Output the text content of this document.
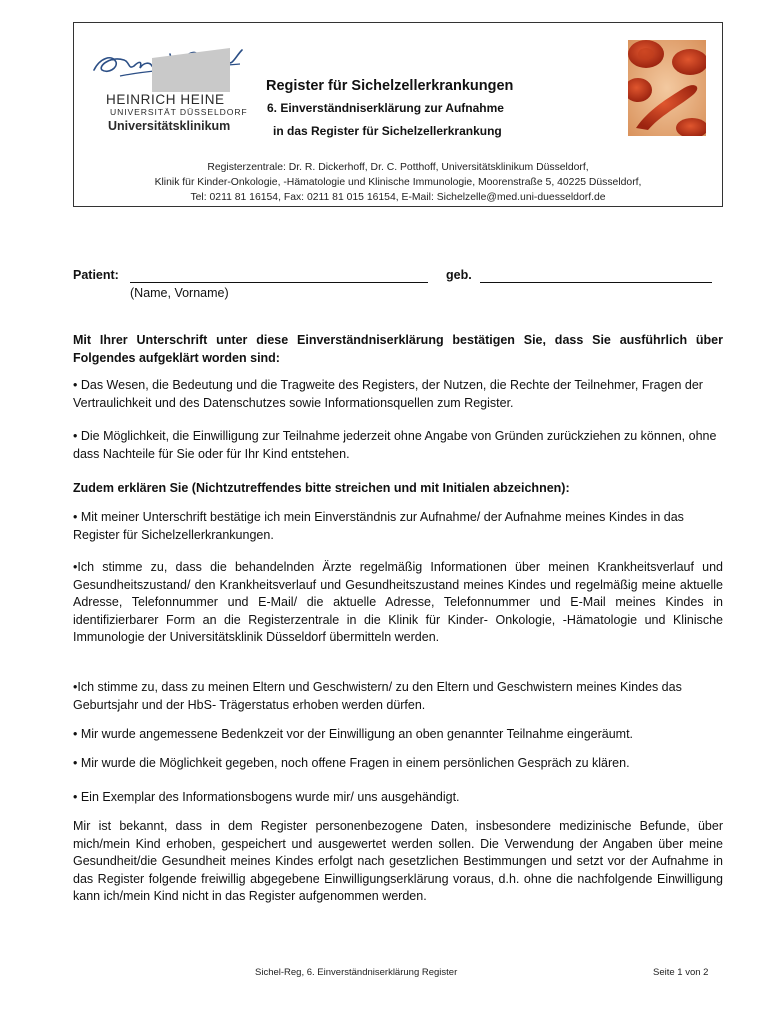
HEINRICH HEINE
UNIVERSITÄT DÜSSELDORF
Universitätsklinikum
Register für Sichelzellerkrankungen
6. Einverständniserklärung zur Aufnahme
in das Register für Sichelzellerkrankung
Registerzentrale: Dr. R. Dickerhoff, Dr. C. Potthoff, Universitätsklinikum Düsseldorf,
Klinik für Kinder-Onkologie, -Hämatologie und Klinische Immunologie, Moorenstraße 5, 40225 Düsseldorf,
Tel: 0211 81 16154, Fax: 0211 81 015 16154, E-Mail: Sichelzelle@med.uni-duesseldorf.de
Patient:	geb.
(Name, Vorname)
Mit Ihrer Unterschrift unter diese Einverständniserklärung bestätigen Sie, dass Sie ausführlich über Folgendes aufgeklärt worden sind:
• Das Wesen, die Bedeutung und die Tragweite des Registers, der Nutzen, die Rechte der Teilnehmer, Fragen der Vertraulichkeit und des Datenschutzes sowie Informationsquellen zum Register.
• Die Möglichkeit, die Einwilligung zur Teilnahme jederzeit ohne Angabe von Gründen zurückziehen zu können, ohne dass Nachteile für Sie oder für Ihr Kind entstehen.
Zudem erklären Sie (Nichtzutreffendes bitte streichen und mit Initialen abzeichnen):
• Mit meiner Unterschrift bestätige ich mein Einverständnis zur Aufnahme/ der Aufnahme meines Kindes in das Register für Sichelzellerkrankungen.
•Ich stimme zu, dass die behandelnden Ärzte regelmäßig Informationen über meinen Krankheitsverlauf und Gesundheitszustand/ den Krankheitsverlauf und Gesundheitszustand meines Kindes und regelmäßig meine aktuelle Adresse, Telefonnummer und E-Mail/ die aktuelle Adresse, Telefonnummer und E-Mail meines Kindes in identifizierbarer Form an die Registerzentrale in die Klinik für Kinder- Onkologie, -Hämatologie und Klinische Immunologie der Universitätsklinik Düsseldorf übermitteln werden.
•Ich stimme zu, dass zu meinen Eltern und Geschwistern/ zu den Eltern und Geschwistern meines Kindes das Geburtsjahr und der HbS- Trägerstatus erhoben werden dürfen.
• Mir wurde angemessene Bedenkzeit vor der Einwilligung an oben genannter Teilnahme eingeräumt.
• Mir wurde die Möglichkeit gegeben, noch offene Fragen in einem persönlichen Gespräch zu klären.
• Ein Exemplar des Informationsbogens wurde mir/ uns ausgehändigt.
Mir ist bekannt, dass in dem Register personenbezogene Daten, insbesondere medizinische Befunde, über mich/mein Kind erhoben, gespeichert und ausgewertet werden sollen. Die Verwendung der Angaben über meine Gesundheit/die Gesundheit meines Kindes erfolgt nach gesetzlichen Bestimmungen und setzt vor der Aufnahme in das Register folgende freiwillig abgegebene Einwilligungserklärung voraus, d.h. ohne die nachfolgende Einwilligung kann ich/mein Kind nicht in das Register aufgenommen werden.
Sichel-Reg, 6. Einverständniserklärung Register	Seite 1 von 2
